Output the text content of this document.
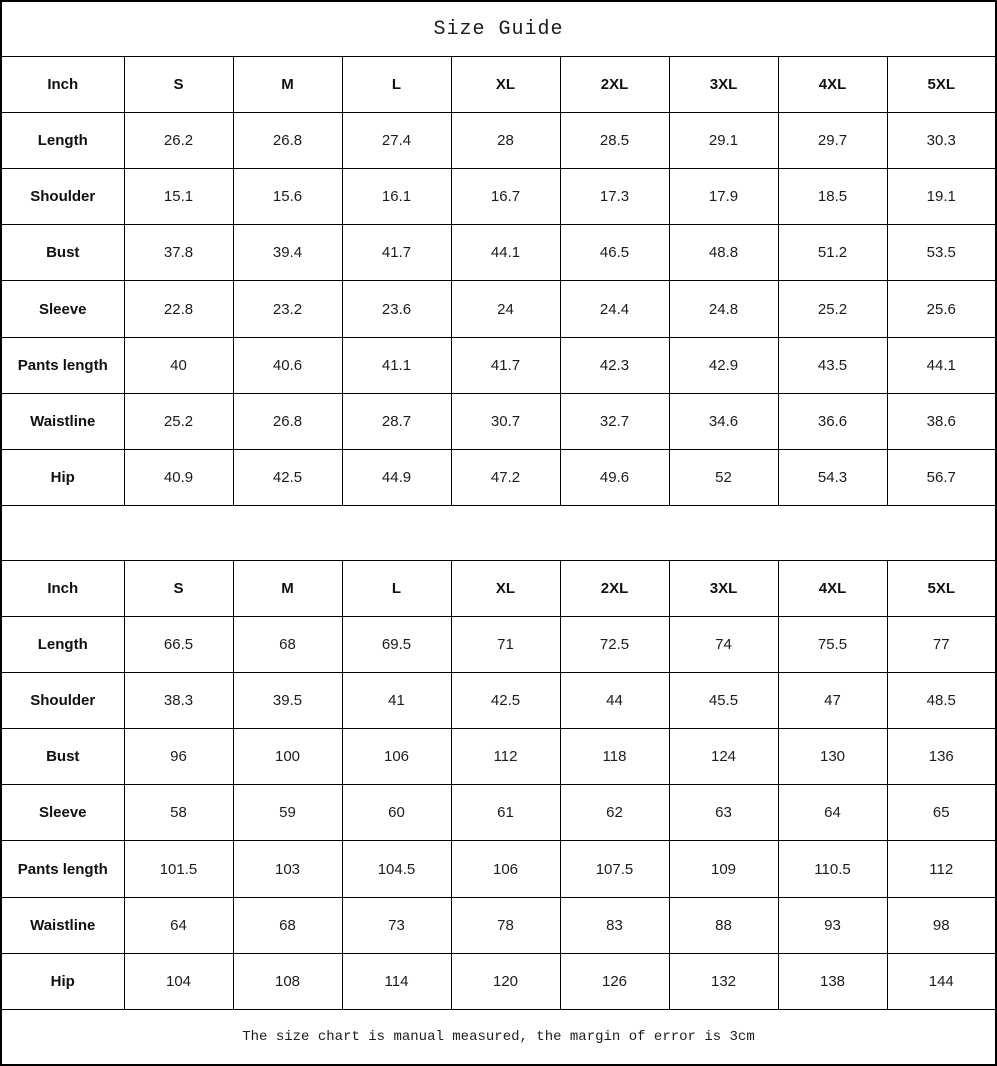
Size Guide								
Inch	S	M	L	XL	2XL	3XL	4XL	5XL
Length	26.2	26.8	27.4	28	28.5	29.1	29.7	30.3
Shoulder	15.1	15.6	16.1	16.7	17.3	17.9	18.5	19.1
Bust	37.8	39.4	41.7	44.1	46.5	48.8	51.2	53.5
Sleeve	22.8	23.2	23.6	24	24.4	24.8	25.2	25.6
Pants length	40	40.6	41.1	41.7	42.3	42.9	43.5	44.1
Waistline	25.2	26.8	28.7	30.7	32.7	34.6	36.6	38.6
Hip	40.9	42.5	44.9	47.2	49.6	52	54.3	56.7

Inch	S	M	L	XL	2XL	3XL	4XL	5XL
Length	66.5	68	69.5	71	72.5	74	75.5	77
Shoulder	38.3	39.5	41	42.5	44	45.5	47	48.5
Bust	96	100	106	112	118	124	130	136
Sleeve	58	59	60	61	62	63	64	65
Pants length	101.5	103	104.5	106	107.5	109	110.5	112
Waistline	64	68	73	78	83	88	93	98
Hip	104	108	114	120	126	132	138	144
The size chart is manual measured, the margin of error is 3cm								
